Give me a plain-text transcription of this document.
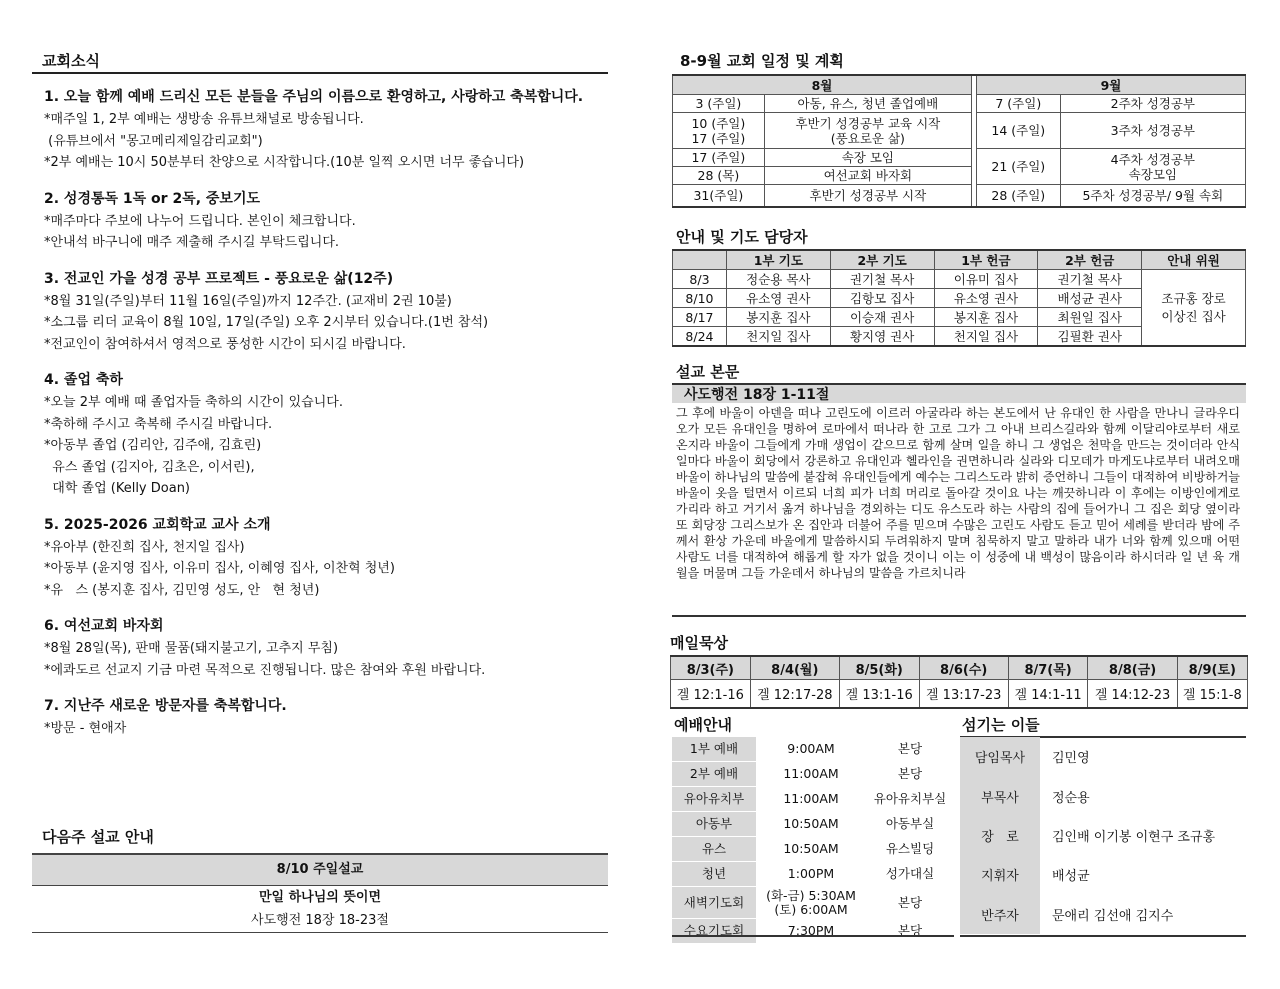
교회소식
1. 오늘 함께 예배 드리신 모든 분들을 주님의 이름으로 환영하고, 사랑하고 축복합니다.
*매주일 1, 2부 예배는 생방송 유튜브채널로 방송됩니다.
(유튜브에서 "몽고메리제일감리교회")
*2부 예배는 10시 50분부터 찬양으로 시작합니다.(10분 일찍 오시면 너무 좋습니다)
2. 성경통독 1독 or 2독, 중보기도
*매주마다 주보에 나누어 드립니다. 본인이 체크합니다.
*안내석 바구니에 매주 제출해 주시길 부탁드립니다.
3. 전교인 가을 성경 공부 프로젝트 - 풍요로운 삶(12주)
*8월 31일(주일)부터 11월 16일(주일)까지 12주간. (교재비 2권 10불)
*소그룹 리더 교육이 8월 10일, 17일(주일) 오후 2시부터 있습니다.(1번 참석)
*전교인이 참여하셔서 영적으로 풍성한 시간이 되시길 바랍니다.
4. 졸업 축하
*오늘 2부 예배 때 졸업자들 축하의 시간이 있습니다.
*축하해 주시고 축복해 주시길 바랍니다.
*아동부 졸업 (김리안, 김주애, 김효린)
유스 졸업 (김지아, 김초은, 이서린),
대학 졸업 (Kelly Doan)
5. 2025-2026 교회학교 교사 소개
*유아부 (한진희 집사, 천지일 집사)
*아동부 (윤지영 집사, 이유미 집사, 이혜영 집사, 이찬혁 청년)
*유   스 (봉지훈 집사, 김민영 성도, 안   현 청년)
6. 여선교회 바자회
*8월 28일(목), 판매 물품(돼지불고기, 고추지 무침)
*에콰도르 선교지 기금 마련 목적으로 진행됩니다. 많은 참여와 후원 바랍니다.
7. 지난주 새로운 방문자를 축복합니다.
*방문 - 현애자
다음주 설교 안내
8/10 주일설교
만일 하나님의 뜻이면
사도행전 18장 18-23절
8-9월 교회 일정 및 계획
8월			9월	
3 (주일)	아동, 유스, 청년 졸업예배		7 (주일)	2주차 성경공부
10 (주일)
17 (주일)	후반기 성경공부 교육 시작
(풍요로운 삶)		14 (주일)	3주차 성경공부
17 (주일)	속장 모임		21 (주일)	4주차 성경공부
속장모임
28 (목)	여선교회 바자회			
31(주일)	후반기 성경공부 시작		28 (주일)	5주차 성경공부/ 9월 속회
안내 및 기도 담당자
	1부 기도	2부 기도	1부 헌금	2부 헌금	안내 위원
8/3	정순용 목사	권기철 목사	이유미 집사	권기철 목사	조규홍 장로
이상진 집사
8/10	유소영 권사	김항모 집사	유소영 권사	배성균 권사	
8/17	봉지훈 집사	이승재 권사	봉지훈 집사	최원일 집사	
8/24	천지일 집사	황지영 권사	천지일 집사	김필환 권사	
설교 본문
사도행전 18장 1-11절
그 후에 바울이 아덴을 떠나 고린도에 이르러 아굴라라 하는 본도에서 난 유대인 한 사람을 만나니 글라우디오가 모든 유대인을 명하여 로마에서 떠나라 한 고로 그가 그 아내 브리스길라와 함께 이달리야로부터 새로 온지라 바울이 그들에게 가매 생업이 같으므로 함께 살며 일을 하니 그 생업은 천막을 만드는 것이더라 안식일마다 바울이 회당에서 강론하고 유대인과 헬라인을 권면하니라 실라와 디모데가 마게도냐로부터 내려오매 바울이 하나님의 말씀에 붙잡혀 유대인들에게 예수는 그리스도라 밝히 증언하니 그들이 대적하여 비방하거늘 바울이 옷을 털면서 이르되 너희 피가 너희 머리로 돌아갈 것이요 나는 깨끗하니라 이 후에는 이방인에게로 가리라 하고 거기서 옮겨 하나님을 경외하는 디도 유스도라 하는 사람의 집에 들어가니 그 집은 회당 옆이라 또 회당장 그리스보가 온 집안과 더불어 주를 믿으며 수많은 고린도 사람도 듣고 믿어 세례를 받더라 밤에 주께서 환상 가운데 바울에게 말씀하시되 두려워하지 말며 침묵하지 말고 말하라 내가 너와 함께 있으매 어떤 사람도 너를 대적하여 해롭게 할 자가 없을 것이니 이는 이 성중에 내 백성이 많음이라 하시더라 일 년 육 개월을 머물며 그들 가운데서 하나님의 말씀을 가르치니라
매일묵상
8/3(주)	8/4(월)	8/5(화)	8/6(수)	8/7(목)	8/8(금)	8/9(토)
겔 12:1-16	겔 12:17-28	겔 13:1-16	겔 13:17-23	겔 14:1-11	겔 14:12-23	겔 15:1-8
예배안내
1부 예배	9:00AM	본당
2부 예배	11:00AM	본당
유아유치부	11:00AM	유아유치부실
아동부	10:50AM	아동부실
유스	10:50AM	유스빌딩
청년	1:00PM	성가대실
새벽기도회	(화-금) 5:30AM
(토) 6:00AM	본당
수요기도회	7:30PM	본당
섬기는 이들
담임목사	김민영
부목사	정순용
장   로	김인배 이기봉 이현구 조규홍
지휘자	배성균
반주자	문애리 김선애 김지수
